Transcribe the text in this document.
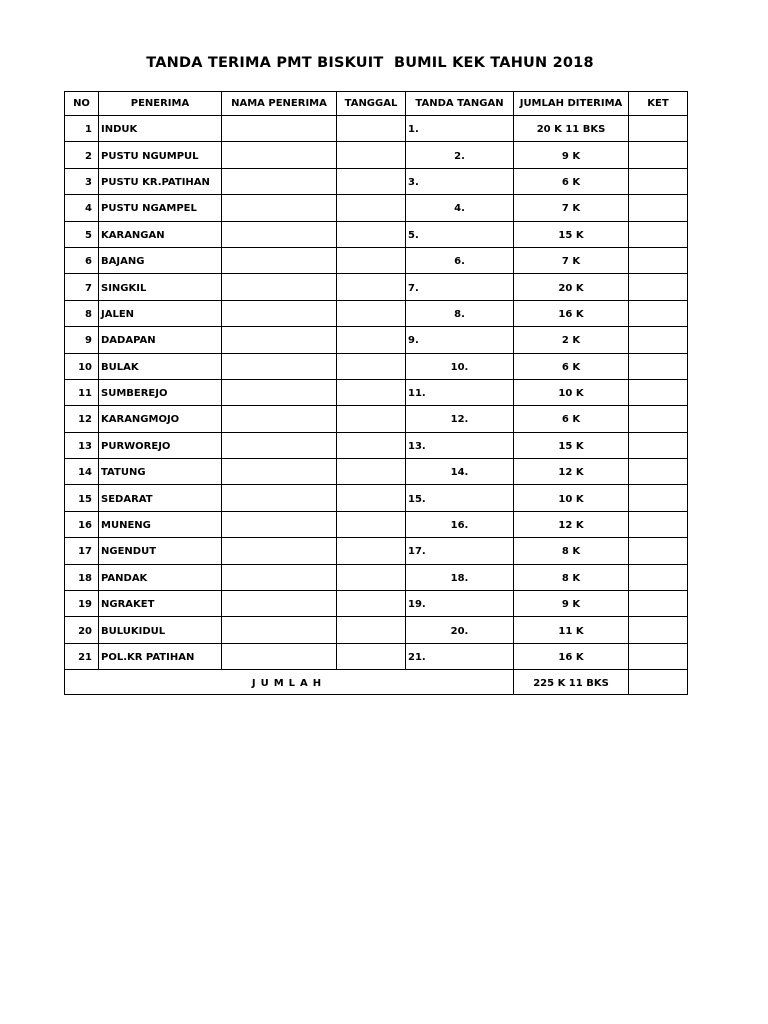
TANDA TERIMA PMT BISKUIT  BUMIL KEK TAHUN 2018
NO	PENERIMA	NAMA PENERIMA	TANGGAL	TANDA TANGAN	JUMLAH DITERIMA	KET
1	INDUK			1.	20 K 11 BKS	
2	PUSTU NGUMPUL			2.	9 K	
3	PUSTU KR.PATIHAN			3.	6 K	
4	PUSTU NGAMPEL			4.	7 K	
5	KARANGAN			5.	15 K	
6	BAJANG			6.	7 K	
7	SINGKIL			7.	20 K	
8	JALEN			8.	16 K	
9	DADAPAN			9.	2 K	
10	BULAK			10.	6 K	
11	SUMBEREJO			11.	10 K	
12	KARANGMOJO			12.	6 K	
13	PURWOREJO			13.	15 K	
14	TATUNG			14.	12 K	
15	SEDARAT			15.	10 K	
16	MUNENG			16.	12 K	
17	NGENDUT			17.	8 K	
18	PANDAK			18.	8 K	
19	NGRAKET			19.	9 K	
20	BULUKIDUL			20.	11 K	
21	POL.KR PATIHAN			21.	16 K	
JUMLAH					225 K 11 BKS	
